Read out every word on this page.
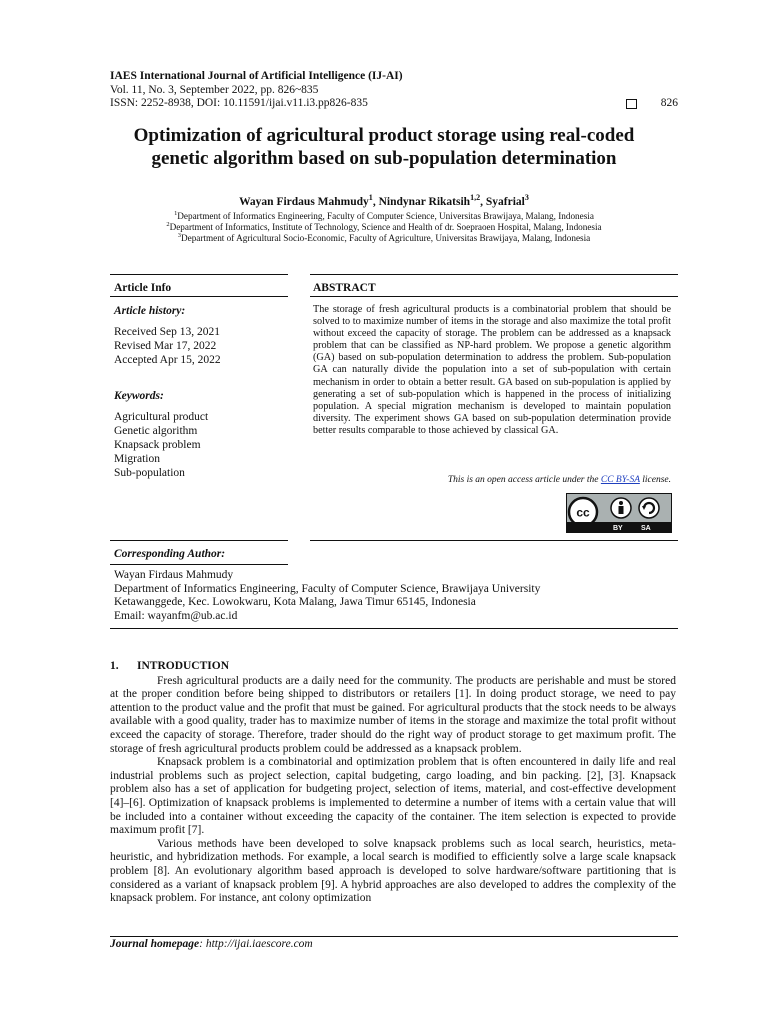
IAES International Journal of Artificial Intelligence (IJ-AI)
Vol. 11, No. 3, September 2022, pp. 826~835
ISSN: 2252-8938, DOI: 10.11591/ijai.v11.i3.pp826-835	826
Optimization of agricultural product storage using real-coded
genetic algorithm based on sub-population determination
Wayan Firdaus Mahmudy$^1$, Nindynar Rikatsih$^{1,2}$, Syafrial$^3$
$^1$Department of Informatics Engineering, Faculty of Computer Science, Universitas Brawijaya, Malang, Indonesia
$^2$Department of Informatics, Institute of Technology, Science and Health of dr. Soepraoen Hospital, Malang, Indonesia
$^3$Department of Agricultural Socio-Economic, Faculty of Agriculture, Universitas Brawijaya, Malang, Indonesia
Article Info
Article history:
Received Sep 13, 2021
Revised Mar 17, 2022
Accepted Apr 15, 2022
Keywords:
Agricultural product
Genetic algorithm
Knapsack problem
Migration
Sub-population
ABSTRACT
The storage of fresh agricultural products is a combinatorial problem that should be solved to to maximize number of items in the storage and also maximize the total profit without exceed the capacity of storage. The problem can be addressed as a knapsack problem that can be classified as NP-hard problem. We propose a genetic algorithm (GA) based on sub-population determination to address the problem. Sub-population GA can naturally divide the population into a set of sub-population with certain mechanism in order to obtain a better result. GA based on sub-population is applied by generating a set of sub-population which is happened in the process of initializing population. A special migration mechanism is developed to maintain population diversity. The experiment shows GA based on sub-population determination provide better results comparable to those achieved by classical GA.
This is an open access article under the CC BY-SA license.
cc
BY	SA
Corresponding Author:
Wayan Firdaus Mahmudy
Department of Informatics Engineering, Faculty of Computer Science, Brawijaya University
Ketawanggede, Kec. Lowokwaru, Kota Malang, Jawa Timur 65145, Indonesia
Email: wayanfm@ub.ac.id
1. INTRODUCTION

Fresh agricultural products are a daily need for the community. The products are perishable and must be stored at the proper condition before being shipped to distributors or retailers [1]. In doing product storage, we need to pay attention to the product value and the profit that must be gained. For agricultural products that the stock needs to be always available with a good quality, trader has to maximize number of items in the storage and maximize the total profit without exceed the capacity of storage. Therefore, trader should do the right way of product storage to get maximum profit. The storage of fresh agricultural products problem could be addressed as a knapsack problem.

Knapsack problem is a combinatorial and optimization problem that is often encountered in daily life and real industrial problems such as project selection, capital budgeting, cargo loading, and bin packing. [2], [3]. Knapsack problem also has a set of application for budgeting project, selection of items, material, and cost-effective development [4]–[6]. Optimization of knapsack problems is implemented to determine a number of items with a certain value that will be included into a container without exceeding the capacity of the container. The item selection is expected to provide maximum profit [7].

Various methods have been developed to solve knapsack problems such as local search, heuristics, meta-heuristic, and hybridization methods. For example, a local search is modified to efficiently solve a large scale knapsack problem [8]. An evolutionary algorithm based approach is developed to solve hardware/software partitioning that is considered as a variant of knapsack problem [9]. A hybrid approaches are also developed to addres the complexity of the knapsack problem. For instance, ant colony optimization

Journal homepage: http://ijai.iaescore.com
